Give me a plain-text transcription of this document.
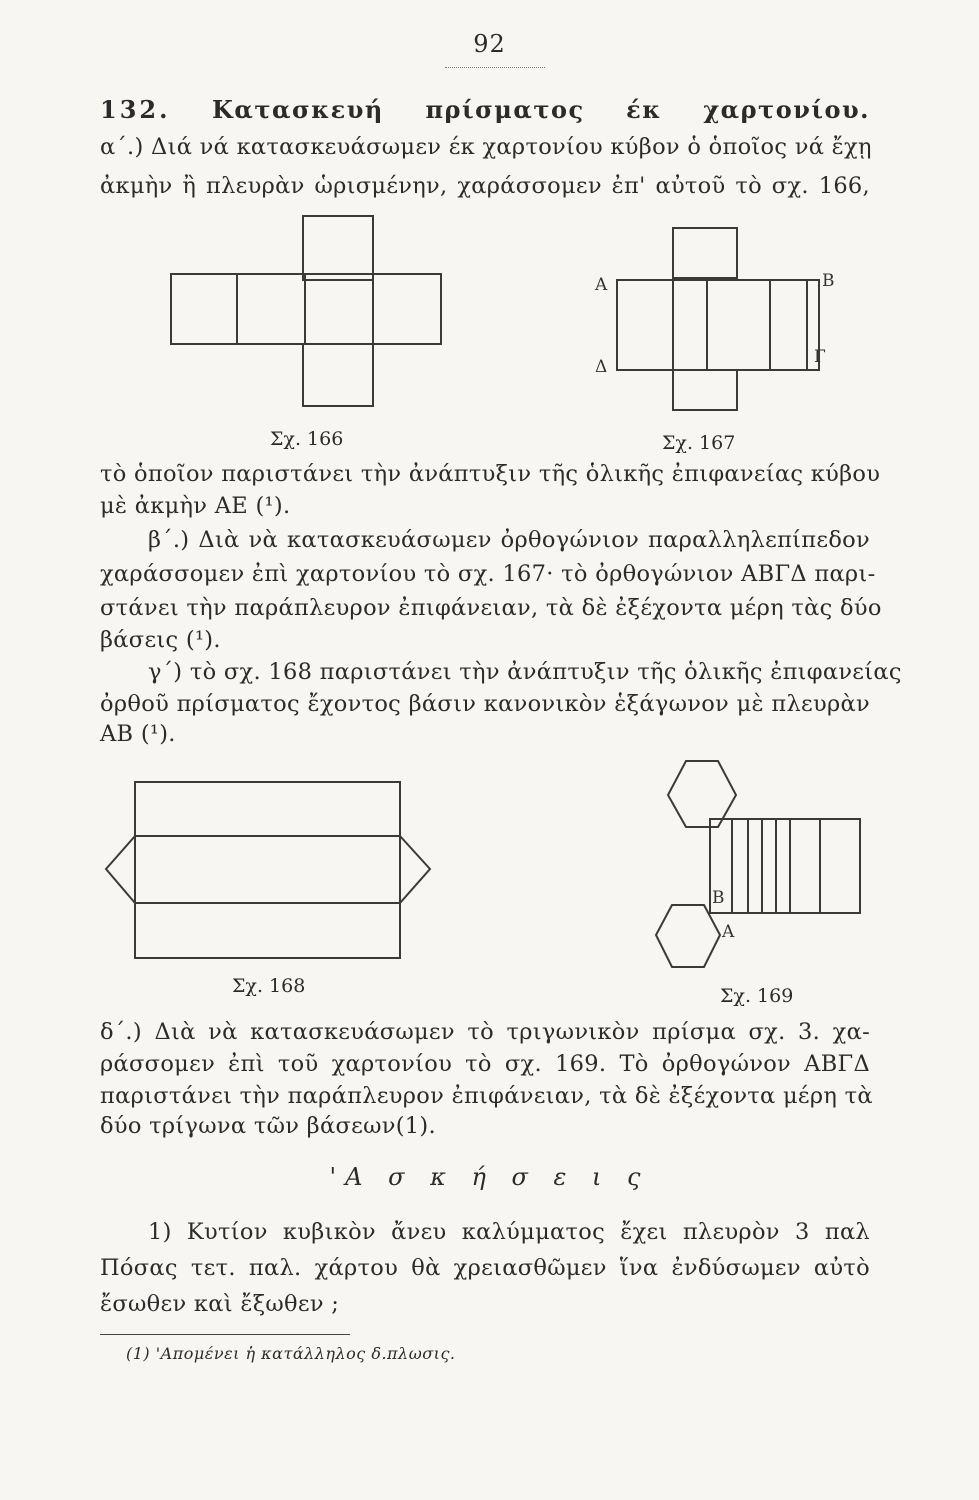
92
132. Κατασκευή πρίσματος έκ χαρτονίου.
α΄.) Διά νά κατασκευάσωμεν έκ χαρτονίου κύβον ὁ ὁποῖος νά ἔχῃ
ἀκμὴν ἢ πλευρὰν ὡρισμένην, χαράσσομεν ἐπ' αὐτοῦ τὸ σχ. 166,
Σχ. 166
Α
Δ
Β
Γ
Σχ. 167
τὸ ὁποῖον παριστάνει τὴν ἀνάπτυξιν τῆς ὁλικῆς ἐπιφανείας κύβου
μὲ ἀκμὴν ΑΕ (¹).
β΄.) Διὰ νὰ κατασκευάσωμεν ὀρθογώνιον παραλληλεπίπεδον
χαράσσομεν ἐπὶ χαρτονίου τὸ σχ. 167· τὸ ὀρθογώνιον ΑΒΓΔ παρι-
στάνει τὴν παράπλευρον ἐπιφάνειαν, τὰ δὲ ἐξέχοντα μέρη τὰς δύο
βάσεις (¹).
γ΄) τὸ σχ. 168 παριστάνει τὴν ἀνάπτυξιν τῆς ὁλικῆς ἐπιφανείας
ὀρθοῦ πρίσματος ἔχοντος βάσιν κανονικὸν ἑξάγωνον μὲ πλευρὰν
ΑΒ (¹).
Σχ. 168
Β
Α
Σχ. 169
δ΄.) Διὰ νὰ κατασκευάσωμεν τὸ τριγωνικὸν πρίσμα σχ. 3. χα-
ράσσομεν ἐπὶ τοῦ χαρτονίου τὸ σχ. 169. Τὸ ὀρθογώνον ΑΒΓΔ
παριστάνει τὴν παράπλευρον ἐπιφάνειαν, τὰ δὲ ἐξέχοντα μέρη τὰ
δύο τρίγωνα τῶν βάσεων(1).
'Α σ κ ή σ ε ι ς
1) Κυτίον κυβικὸν ἄνευ καλύμματος ἔχει πλευρὸν 3 παλ
Πόσας τετ. παλ. χάρτου θὰ χρειασθῶμεν ἵνα ἐνδύσωμεν αὐτὸ
ἔσωθεν καὶ ἔξωθεν ;
(1) 'Απομένει ἡ κατάλληλος δ.πλωσις.
